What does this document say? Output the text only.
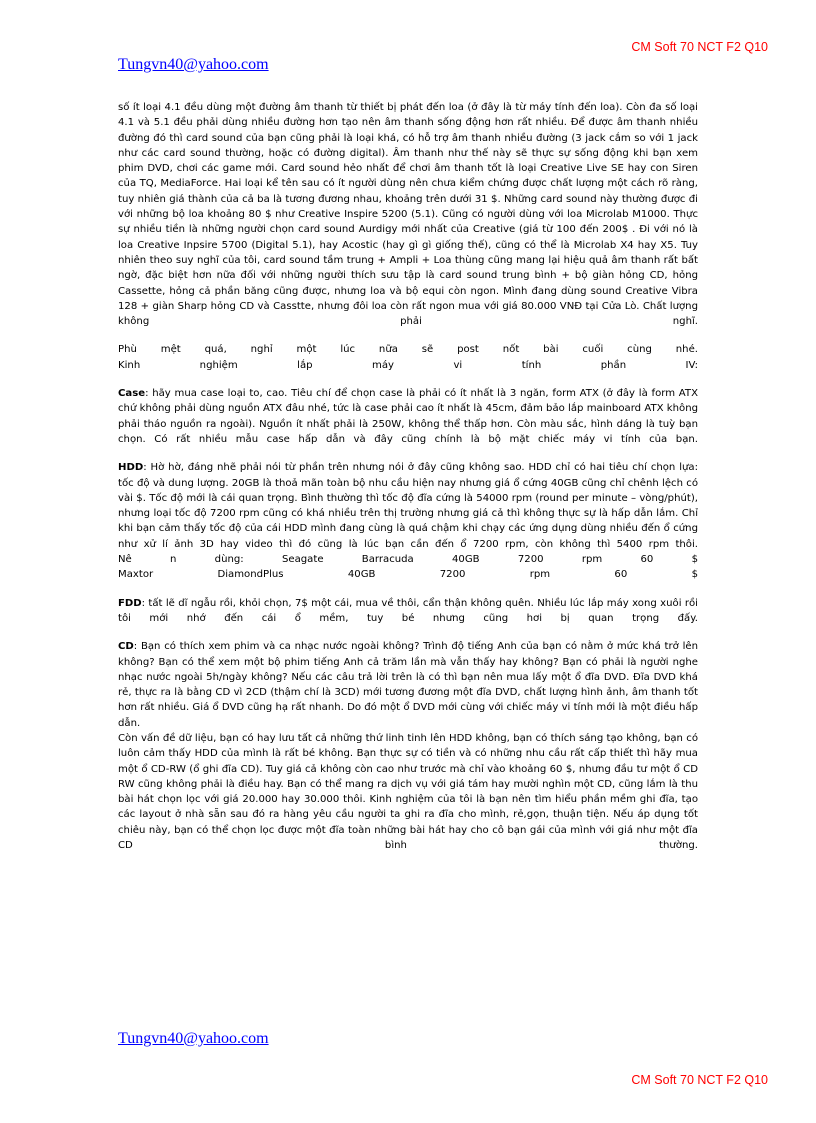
CM Soft 70 NCT F2 Q10
Tungvn40@yahoo.com

số ít loại 4.1 đều dùng một đường âm thanh từ thiết bị phát đến loa (ở đây là từ máy tính đến loa). Còn đa số loại 4.1 và 5.1 đều phải dùng nhiều đường hơn tạo nên âm thanh sống động hơn rất nhiều. Để được âm thanh nhiều đường đó thì card sound của bạn cũng phải là loại khá, có hỗ trợ âm thanh nhiều đường (3 jack cắm so với 1 jack như các card sound thường, hoặc có đường digital). Âm thanh như thế này sẽ thực sự sống động khi bạn xem phim DVD, chơi các game mới. Card sound hẻo nhất để chơi âm thanh tốt là loại Creative Live SE hay con Siren của TQ, MediaForce. Hai loại kể tên sau có ít người dùng nên chưa kiểm chứng được chất lượng một cách rõ ràng, tuy nhiên giá thành của cả ba là tương đương nhau, khoảng trên dưới 31 $. Những card sound này thường được đi với những bộ loa khoảng 80 $ như Creative Inspire 5200 (5.1). Cũng có người dùng với loa Microlab M1000. Thực sự nhiều tiền là những người chọn card sound Aurdigy mới nhất của Creative (giá từ 100 đến 200$ . Đi với nó là loa Creative Inpsire 5700 (Digital 5.1), hay Acostic (hay gì gì giống thế), cũng có thể là Microlab X4 hay X5. Tuy nhiên theo suy nghĩ của tôi, card sound tầm trung + Ampli + Loa thùng cũng mang lại hiệu quả âm thanh rất bất ngờ, đặc biệt hơn nữa đối với những người thích sưu tập là card sound trung bình + bộ giàn hỏng CD, hỏng Cassette, hỏng cả phần băng cũng được, nhưng loa và bộ equi còn ngon. Mình đang dùng sound Creative Vibra 128 + giàn Sharp hỏng CD và Casstte, nhưng đôi loa còn rất ngon mua với giá 80.000 VNĐ tại Cửa Lò. Chất lượng không phải nghĩ.

Phù mệt quá, nghỉ một lúc nữa sẽ post nốt bài cuối cùng nhé.
Kinh nghiệm lắp máy vi tính phần IV:

Case: hãy mua case loại to, cao. Tiêu chí để chọn case là phải có ít nhất là 3 ngăn, form ATX (ở đây là form ATX chứ không phải dùng nguồn ATX đâu nhé, tức là case phải cao ít nhất là 45cm, đảm bảo lắp mainboard ATX không phải tháo nguồn ra ngoài). Nguồn ít nhất phải là 250W, không thể thấp hơn. Còn màu sắc, hình dáng là tuỳ bạn chọn. Có rất nhiều mẫu case hấp dẫn và đây cũng chính là bộ mặt chiếc máy vi tính của bạn.

HDD: Hờ hờ, đáng nhẽ phải nói từ phần trên nhưng nói ở đây cũng không sao. HDD chỉ có hai tiêu chí chọn lựa: tốc độ và dung lượng. 20GB là thoả mãn toàn bộ nhu cầu hiện nay nhưng giá ổ cứng 40GB cũng chỉ chênh lệch có vài $. Tốc độ mới là cái quan trọng. Bình thường thì tốc độ đĩa cứng là 54000 rpm (round per minute – vòng/phút), nhưng loại tốc độ 7200 rpm cũng có khá nhiều trên thị trường nhưng giá cả thì không thực sự là hấp dẫn lắm. Chỉ khi bạn cảm thấy tốc độ của cái HDD mình đang cùng là quá chậm khi chạy các ứng dụng dùng nhiều đến ổ cứng như xử lí ảnh 3D hay video thì đó cũng là lúc bạn cần đến ổ 7200 rpm, còn không thì 5400 rpm thôi.
Nê n dùng: Seagate Barracuda 40GB 7200 rpm 60 $
Maxtor DiamondPlus 40GB 7200 rpm 60 $

FDD: tất lẽ dĩ ngẫu rồi, khỏi chọn, 7$ một cái, mua về thôi, cẩn thận không quên. Nhiều lúc lắp máy xong xuôi rồi tôi mới nhớ đến cái ổ mềm, tuy bé nhưng cũng hơi bị quan trọng đấy.

CD: Bạn có thích xem phim và ca nhạc nước ngoài không? Trình độ tiếng Anh của bạn có nằm ở mức khá trở lên không? Bạn có thể xem một bộ phim tiếng Anh cả trăm lần mà vẫn thấy hay không? Bạn có phải là người nghe nhạc nước ngoài 5h/ngày không? Nếu các câu trả lời trên là có thì bạn nên mua lấy một ổ đĩa DVD. Đĩa DVD khá rẻ, thực ra là bằng CD vì 2CD (thậm chí là 3CD) mới tương đương một đĩa DVD, chất lượng hình ảnh, âm thanh tốt hơn rất nhiều. Giá ổ DVD cũng hạ rất nhanh. Do đó một ổ DVD mới cùng với chiếc máy vi tính mới là một điều hấp dẫn.

Còn vấn đề dữ liệu, bạn có hay lưu tất cả những thứ linh tinh lên HDD không, bạn có thích sáng tạo không, bạn có luôn cảm thấy HDD của mình là rất bé không. Bạn thực sự có tiền và có những nhu cầu rất cấp thiết thì hãy mua một ổ CD-RW (ổ ghi đĩa CD). Tuy giá cả không còn cao như trước mà chỉ vào khoảng 60 $, nhưng đầu tư một ổ CD RW cũng không phải là điều hay. Bạn có thể mang ra dịch vụ với giá tám hay mười nghìn một CD, cũng lắm là thu bài hát chọn lọc với giá 20.000 hay 30.000 thôi. Kinh nghiệm của tôi là bạn nên tìm hiểu phần mềm ghi đĩa, tạo các layout ở nhà sẵn sau đó ra hàng yêu cầu người ta ghi ra đĩa cho mình, rẻ,gọn, thuận tiện. Nếu áp dụng tốt chiêu này, bạn có thể chọn lọc được một đĩa toàn những bài hát hay cho cô bạn gái của mình với giá như một đĩa CD bình thường.

Tungvn40@yahoo.com
CM Soft 70 NCT F2 Q10
